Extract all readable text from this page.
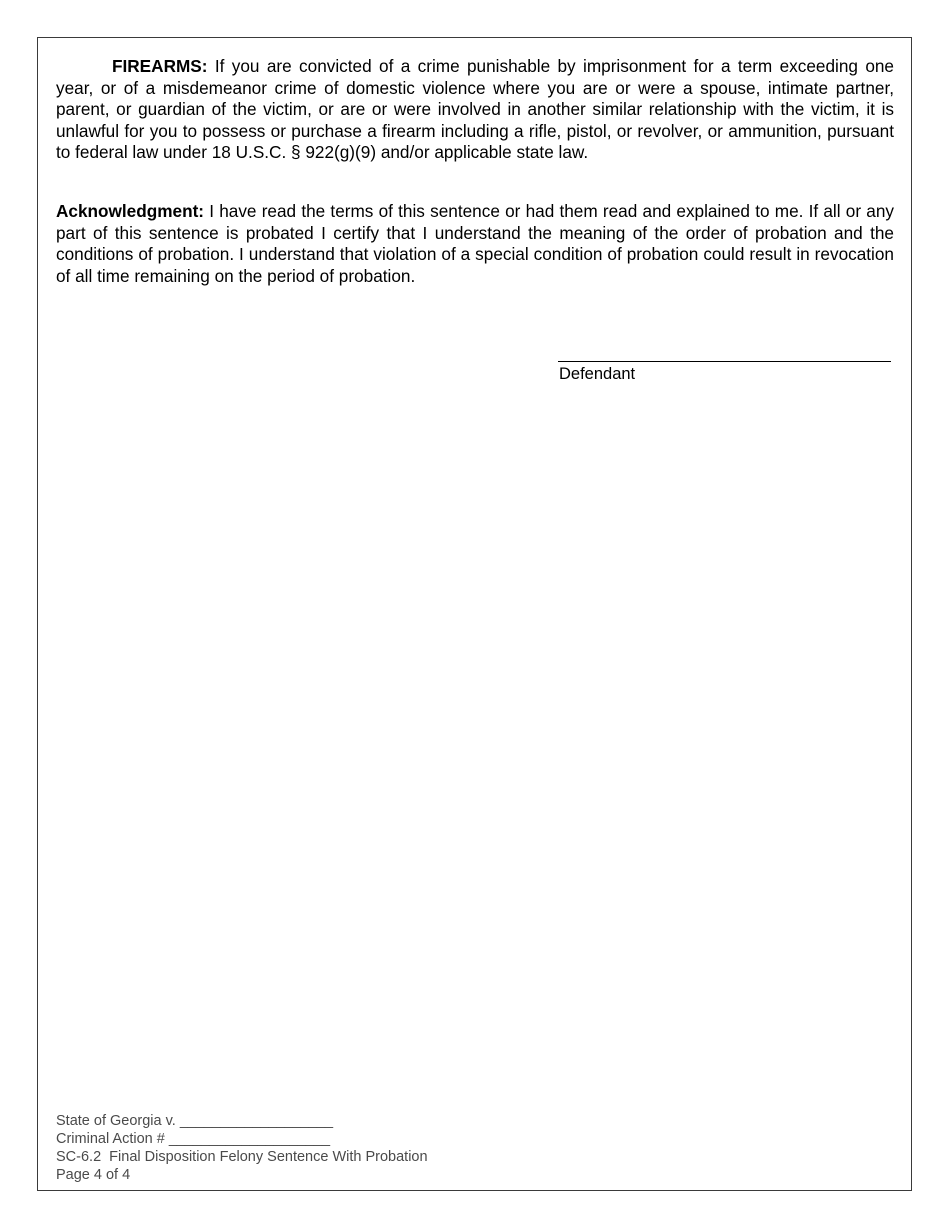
FIREARMS: If you are convicted of a crime punishable by imprisonment for a term exceeding one year, or of a misdemeanor crime of domestic violence where you are or were a spouse, intimate partner, parent, or guardian of the victim, or are or were involved in another similar relationship with the victim, it is unlawful for you to possess or purchase a firearm including a rifle, pistol, or revolver, or ammunition, pursuant to federal law under 18 U.S.C. § 922(g)(9) and/or applicable state law.

Acknowledgment: I have read the terms of this sentence or had them read and explained to me. If all or any part of this sentence is probated I certify that I understand the meaning of the order of probation and the conditions of probation. I understand that violation of a special condition of probation could result in revocation of all time remaining on the period of probation.

Defendant
State of Georgia v. ___________________
Criminal Action # ____________________
SC-6.2  Final Disposition Felony Sentence With Probation
Page 4 of 4
